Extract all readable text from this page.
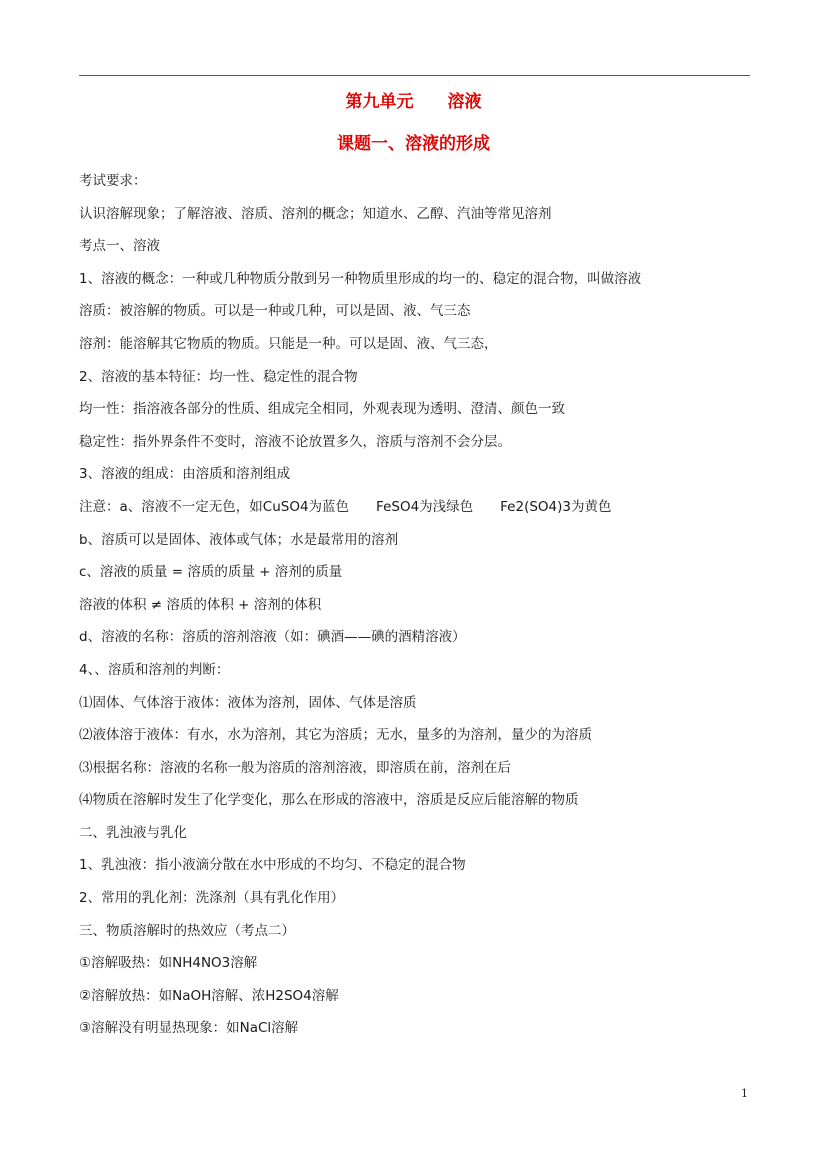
第九单元　　溶液
课题一、溶液的形成
考试要求：
认识溶解现象；了解溶液、溶质、溶剂的概念；知道水、乙醇、汽油等常见溶剂
考点一、溶液
1、溶液的概念：一种或几种物质分散到另一种物质里形成的均一的、稳定的混合物，叫做溶液
溶质：被溶解的物质。可以是一种或几种，可以是固、液、气三态
溶剂：能溶解其它物质的物质。只能是一种。可以是固、液、气三态，
2、溶液的基本特征：均一性、稳定性的混合物
均一性：指溶液各部分的性质、组成完全相同，外观表现为透明、澄清、颜色一致
稳定性：指外界条件不变时，溶液不论放置多久，溶质与溶剂不会分层。
3、溶液的组成：由溶质和溶剂组成
注意：a、溶液不一定无色，如CuSO4为蓝色　　FeSO4为浅绿色　　Fe2(SO4)3为黄色
b、溶质可以是固体、液体或气体；水是最常用的溶剂
c、溶液的质量 = 溶质的质量 + 溶剂的质量
溶液的体积 ≠ 溶质的体积 + 溶剂的体积
d、溶液的名称：溶质的溶剂溶液（如：碘酒——碘的酒精溶液）
4、、溶质和溶剂的判断：
⑴固体、气体溶于液体：液体为溶剂，固体、气体是溶质
⑵液体溶于液体：有水，水为溶剂，其它为溶质；无水，量多的为溶剂，量少的为溶质
⑶根据名称：溶液的名称一般为溶质的溶剂溶液，即溶质在前，溶剂在后
⑷物质在溶解时发生了化学变化，那么在形成的溶液中，溶质是反应后能溶解的物质
二、乳浊液与乳化
1、乳浊液：指小液滴分散在水中形成的不均匀、不稳定的混合物
2、常用的乳化剂：洗涤剂（具有乳化作用）
三、物质溶解时的热效应（考点二）
①溶解吸热：如NH4NO3溶解
②溶解放热：如NaOH溶解、浓H2SO4溶解
③溶解没有明显热现象：如NaCl溶解
1
